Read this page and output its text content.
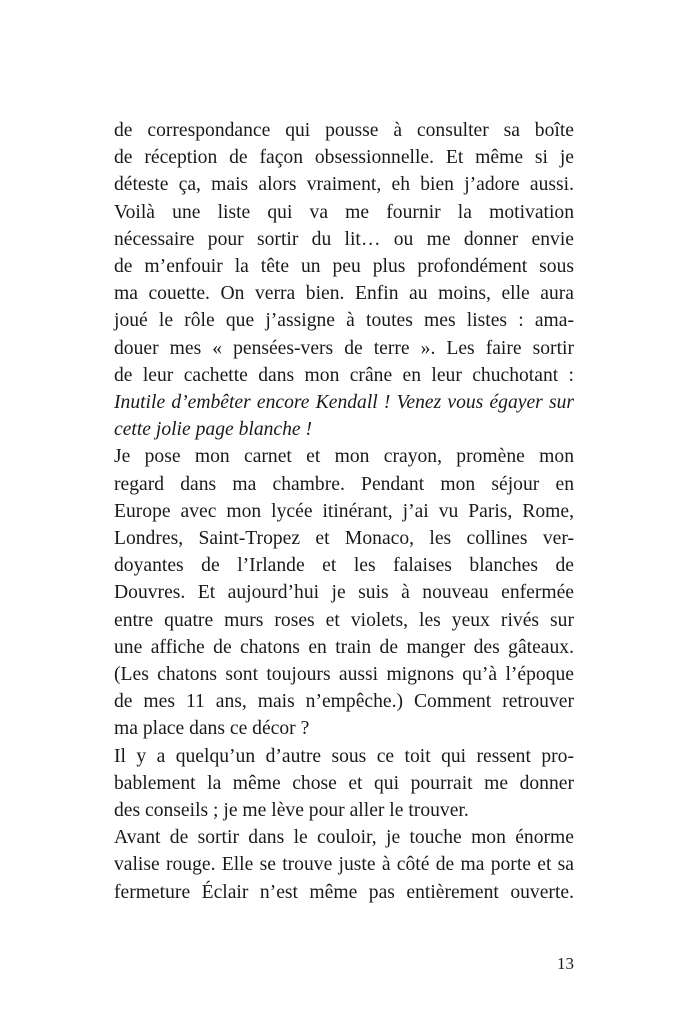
de correspondance qui pousse à consulter sa boîte
de réception de façon obsessionnelle. Et même si je
déteste ça, mais alors vraiment, eh bien j’adore aussi.
Voilà une liste qui va me fournir la motivation
nécessaire pour sortir du lit… ou me donner envie
de m’enfouir la tête un peu plus profondément sous
ma couette. On verra bien. Enfin au moins, elle aura
joué le rôle que j’assigne à toutes mes listes : ama-
douer mes « pensées-vers de terre ». Les faire sortir
de leur cachette dans mon crâne en leur chuchotant :
Inutile d’embêter encore Kendall ! Venez vous égayer sur
cette jolie page blanche !
Je pose mon carnet et mon crayon, promène mon
regard dans ma chambre. Pendant mon séjour en
Europe avec mon lycée itinérant, j’ai vu Paris, Rome,
Londres, Saint-Tropez et Monaco, les collines ver-
doyantes de l’Irlande et les falaises blanches de
Douvres. Et aujourd’hui je suis à nouveau enfermée
entre quatre murs roses et violets, les yeux rivés sur
une affiche de chatons en train de manger des gâteaux.
(Les chatons sont toujours aussi mignons qu’à l’époque
de mes 11 ans, mais n’empêche.) Comment retrouver
ma place dans ce décor ?
Il y a quelqu’un d’autre sous ce toit qui ressent pro-
bablement la même chose et qui pourrait me donner
des conseils ; je me lève pour aller le trouver.
Avant de sortir dans le couloir, je touche mon énorme
valise rouge. Elle se trouve juste à côté de ma porte et sa
fermeture Éclair n’est même pas entièrement ouverte.
13
